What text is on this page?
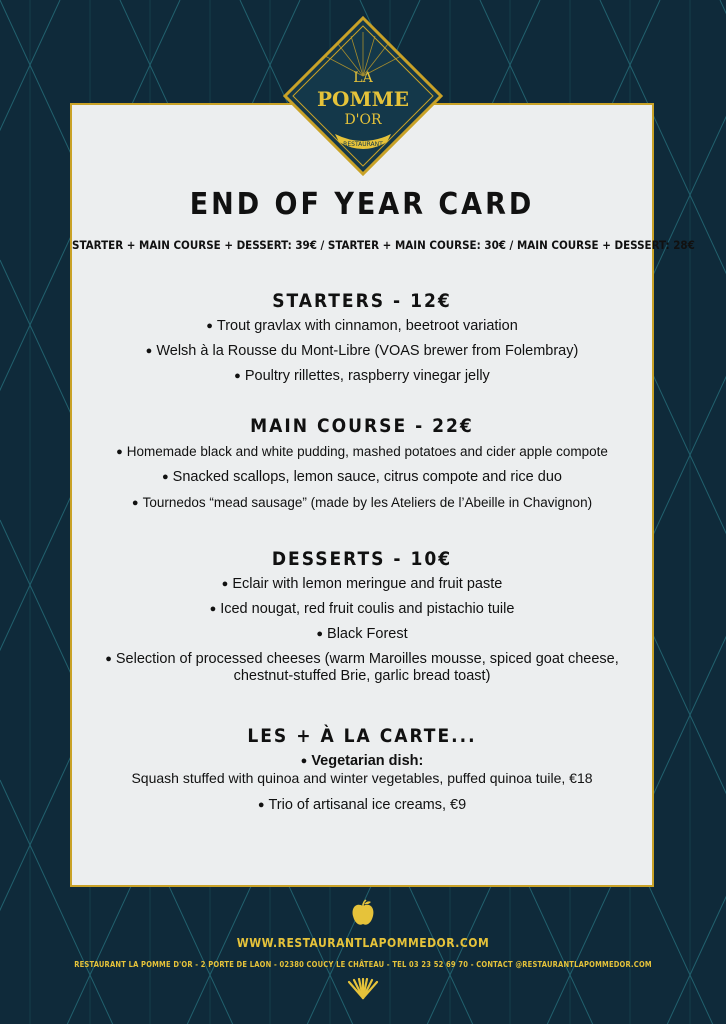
END OF YEAR CARD
STARTER + MAIN COURSE + DESSERT: 39€ / STARTER + MAIN COURSE: 30€ / MAIN COURSE + DESSERT: 28€
STARTERS - 12€
● Trout gravlax with cinnamon, beetroot variation
● Welsh à la Rousse du Mont-Libre (VOAS brewer from Folembray)
● Poultry rillettes, raspberry vinegar jelly
MAIN COURSE - 22€
● Homemade black and white pudding, mashed potatoes and cider apple compote
● Snacked scallops, lemon sauce, citrus compote and rice duo
● Tournedos “mead sausage” (made by les Ateliers de l’Abeille in Chavignon)
DESSERTS - 10€
● Eclair with lemon meringue and fruit paste
● Iced nougat, red fruit coulis and pistachio tuile
● Black Forest
● Selection of processed cheeses (warm Maroilles mousse, spiced goat cheese, chestnut-stuffed Brie, garlic bread toast)
LES + À LA CARTE...
● Vegetarian dish:
Squash stuffed with quinoa and winter vegetables, puffed quinoa tuile, €18
● Trio of artisanal ice creams, €9
LA
POMME
D'OR
RESTAURANT
WWW.RESTAURANTLAPOMMEDOR.COM
RESTAURANT LA POMME D'OR - 2 PORTE DE LAON - 02380 COUCY LE CHÂTEAU - TEL 03 23 52 69 70 - CONTACT @RESTAURANTLAPOMMEDOR.COM
